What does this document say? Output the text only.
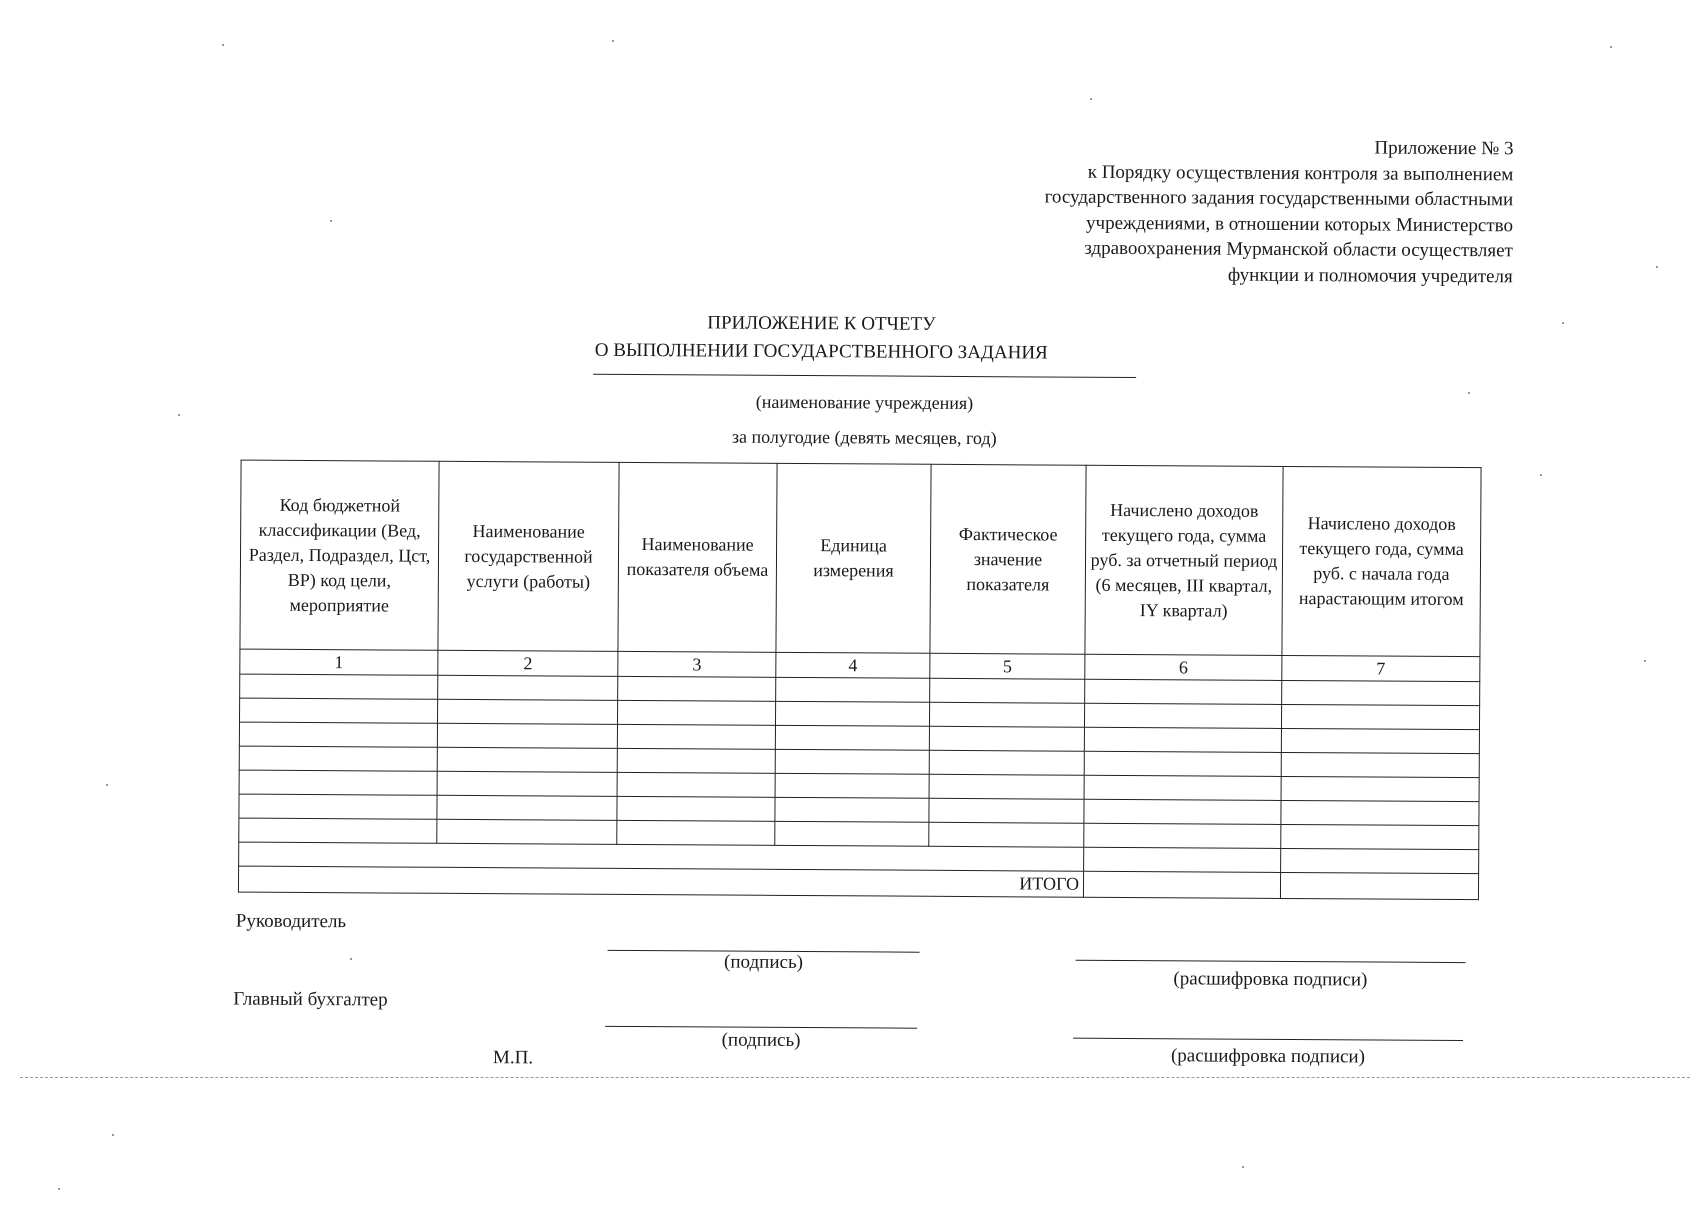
Приложение № 3
к Порядку осуществления контроля за выполнением
государственного задания государственными областными
учреждениями, в отношении которых Министерство
здравоохранения Мурманской области осуществляет
функции и полномочия учредителя
ПРИЛОЖЕНИЕ К ОТЧЕТУ
О ВЫПОЛНЕНИИ ГОСУДАРСТВЕННОГО ЗАДАНИЯ
(наименование учреждения)
за полугодие (девять месяцев, год)
Код бюджетной классификации (Вед, Раздел, Подраздел, Цст, ВР) код цели, мероприятие	Наименование государственной услуги (работы)	Наименование показателя объема	Единица измерения	Фактическое значение показателя	Начислено доходов текущего года, сумма руб. за отчетный период (6 месяцев, III квартал, IY квартал)	Начислено доходов текущего года, сумма руб. с начала года нарастающим итогом
1	2	3	4	5	6	7

ИТОГО						
Руководитель
(подпись)
(расшифровка подписи)
Главный бухгалтер
(подпись)
(расшифровка подписи)
М.П.
